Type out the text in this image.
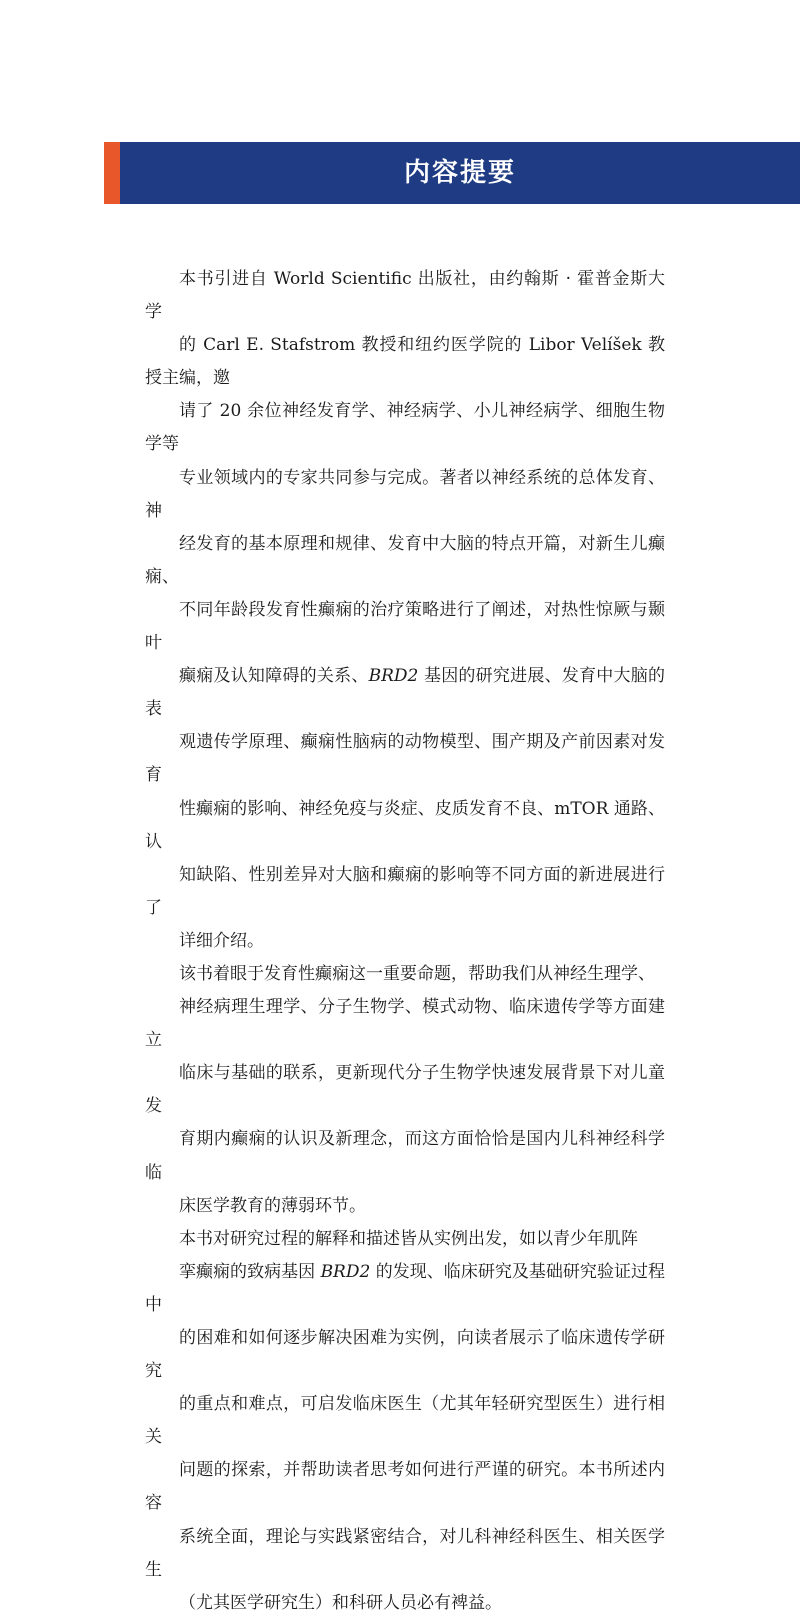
内容提要

本书引进自 World Scientific 出版社，由约翰斯 · 霍普金斯大学
的 Carl E. Stafstrom 教授和纽约医学院的 Libor Velíšek 教授主编，邀
请了 20 余位神经发育学、神经病学、小儿神经病学、细胞生物学等
专业领域内的专家共同参与完成。著者以神经系统的总体发育、神
经发育的基本原理和规律、发育中大脑的特点开篇，对新生儿癫痫、
不同年龄段发育性癫痫的治疗策略进行了阐述，对热性惊厥与颞叶
癫痫及认知障碍的关系、BRD2 基因的研究进展、发育中大脑的表
观遗传学原理、癫痫性脑病的动物模型、围产期及产前因素对发育
性癫痫的影响、神经免疫与炎症、皮质发育不良、mTOR 通路、认
知缺陷、性别差异对大脑和癫痫的影响等不同方面的新进展进行了
详细介绍。

该书着眼于发育性癫痫这一重要命题，帮助我们从神经生理学、
神经病理生理学、分子生物学、模式动物、临床遗传学等方面建立
临床与基础的联系，更新现代分子生物学快速发展背景下对儿童发
育期内癫痫的认识及新理念，而这方面恰恰是国内儿科神经科学临
床医学教育的薄弱环节。

本书对研究过程的解释和描述皆从实例出发，如以青少年肌阵
挛癫痫的致病基因 BRD2 的发现、临床研究及基础研究验证过程中
的困难和如何逐步解决困难为实例，向读者展示了临床遗传学研究
的重点和难点，可启发临床医生（尤其年轻研究型医生）进行相关
问题的探索，并帮助读者思考如何进行严谨的研究。本书所述内容
系统全面，理论与实践紧密结合，对儿科神经科医生、相关医学生
（尤其医学研究生）和科研人员必有裨益。
